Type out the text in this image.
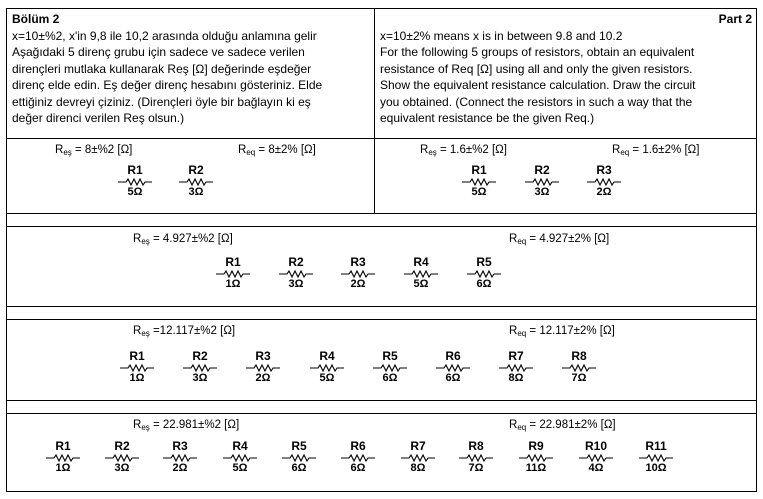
Bölüm 2
x=10±%2, x'in 9,8 ile 10,2 arasında olduğu anlamına gelir
Aşağıdaki 5 direnç grubu için sadece ve sadece verilen
dirençleri mutlaka kullanarak Reş [Ω] değerinde eşdeğer
direnç elde edin. Eş değer direnç hesabını gösteriniz. Elde
ettiğiniz devreyi çiziniz. (Dirençleri öyle bir bağlayın ki eş
değer direnci verilen Reş olsun.)
Part 2
x=10±2% means x is in between 9.8 and 10.2
For the following 5 groups of resistors, obtain an equivalent
resistance of Req [Ω] using all and only the given resistors.
Show the equivalent resistance calculation. Draw the circuit
you obtained. (Connect the resistors in such a way that the
equivalent resistance be the given Req.)
$R_{eş} = 8\pm\%2$ [Ω]	$R_{eq} = 8\pm 2\%$ [Ω]
R1
5Ω
R2
3Ω
$R_{eş} = 1.6\pm\%2$ [Ω]	$R_{eq} = 1.6\pm 2\%$ [Ω]
R1
5Ω
R2
3Ω
R3
2Ω
$R_{eş} = 4.927\pm\%2$ [Ω]	$R_{eq} = 4.927\pm 2\%$ [Ω]
R1
1Ω
R2
3Ω
R3
2Ω
R4
5Ω
R5
6Ω
$R_{eş} =12.117\pm\%2$ [Ω]	$R_{eq} = 12.117\pm 2\%$ [Ω]
R1
1Ω
R2
3Ω
R3
2Ω
R4
5Ω
R5
6Ω
R6
6Ω
R7
8Ω
R8
7Ω
$R_{eş} = 22.981\pm\%2$ [Ω]	$R_{eq} = 22.981\pm 2\%$ [Ω]
R1
1Ω
R2
3Ω
R3
2Ω
R4
5Ω
R5
6Ω
R6
6Ω
R7
8Ω
R8
7Ω
R9
11Ω
R10
4Ω
R11
10Ω
